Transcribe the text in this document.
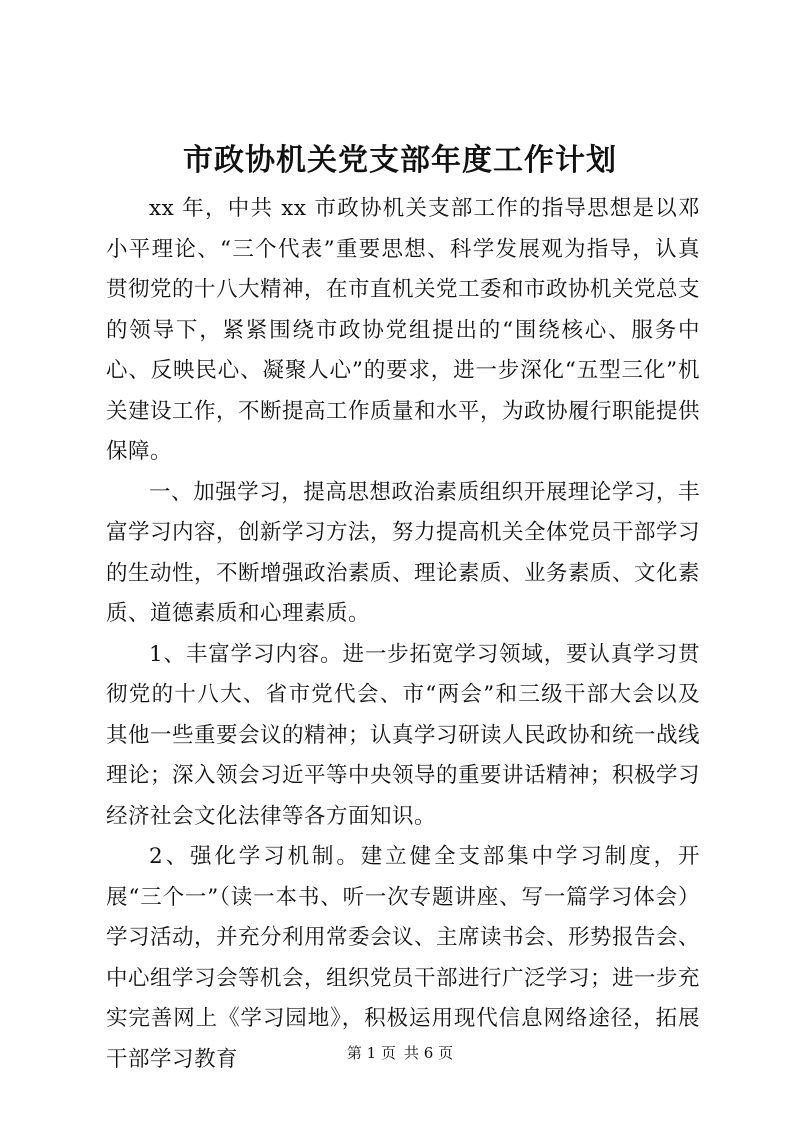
市政协机关党支部年度工作计划

xx 年，中共 xx 市政协机关支部工作的指导思想是以邓小平理论、“三个代表”重要思想、科学发展观为指导，认真贯彻党的十八大精神，在市直机关党工委和市政协机关党总支的领导下，紧紧围绕市政协党组提出的“围绕核心、服务中心、反映民心、凝聚人心”的要求，进一步深化“五型三化”机关建设工作，不断提高工作质量和水平，为政协履行职能提供保障。

一、加强学习，提高思想政治素质组织开展理论学习，丰富学习内容，创新学习方法，努力提高机关全体党员干部学习的生动性，不断增强政治素质、理论素质、业务素质、文化素质、道德素质和心理素质。

1、丰富学习内容。进一步拓宽学习领域，要认真学习贯彻党的十八大、省市党代会、市“两会”和三级干部大会以及其他一些重要会议的精神；认真学习研读人民政协和统一战线理论；深入领会习近平等中央领导的重要讲话精神；积极学习经济社会文化法律等各方面知识。

2、强化学习机制。建立健全支部集中学习制度，开展“三个一”（读一本书、听一次专题讲座、写一篇学习体会）学习活动，并充分利用常委会议、主席读书会、形势报告会、中心组学习会等机会，组织党员干部进行广泛学习；进一步充实完善网上《学习园地》，积极运用现代信息网络途径，拓展干部学习教育	第 1 页 共 6 页
